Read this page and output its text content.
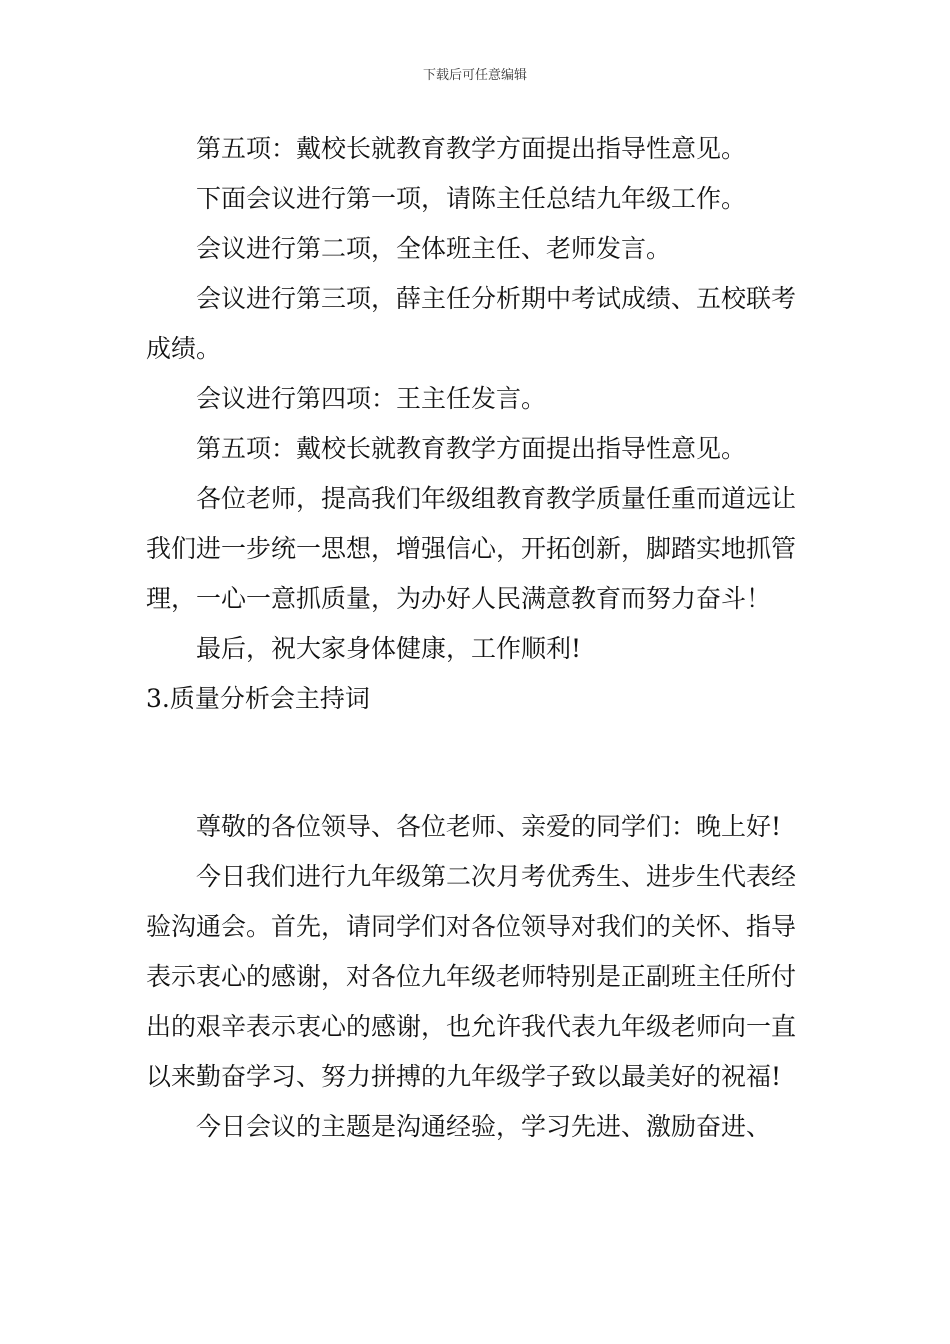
下载后可任意编辑

第五项：戴校长就教育教学方面提出指导性意见。

下面会议进行第一项，请陈主任总结九年级工作。

会议进行第二项，全体班主任、老师发言。

会议进行第三项，薛主任分析期中考试成绩、五校联考成绩。

会议进行第四项：王主任发言。

第五项：戴校长就教育教学方面提出指导性意见。

各位老师，提高我们年级组教育教学质量任重而道远让我们进一步统一思想，增强信心，开拓创新，脚踏实地抓管理，一心一意抓质量，为办好人民满意教育而努力奋斗！

最后，祝大家身体健康，工作顺利!

3.质量分析会主持词

尊敬的各位领导、各位老师、亲爱的同学们：晚上好!

今日我们进行九年级第二次月考优秀生、进步生代表经验沟通会。首先，请同学们对各位领导对我们的关怀、指导表示衷心的感谢，对各位九年级老师特别是正副班主任所付出的艰辛表示衷心的感谢，也允许我代表九年级老师向一直以来勤奋学习、努力拼搏的九年级学子致以最美好的祝福!

今日会议的主题是沟通经验，学习先进、激励奋进、
